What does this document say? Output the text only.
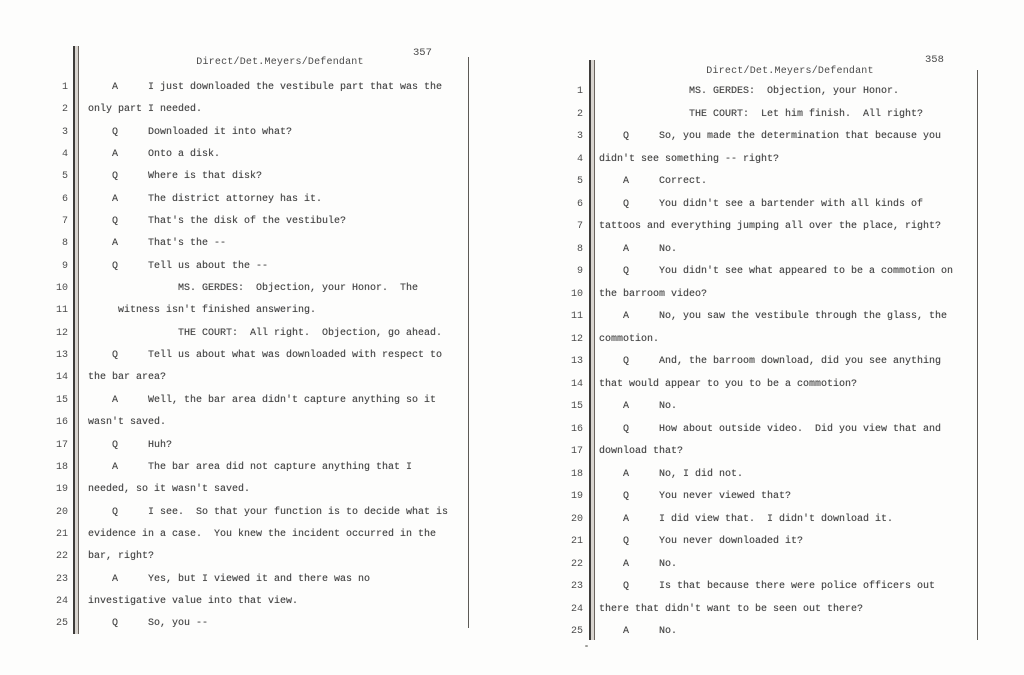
357
Direct/Det.Meyers/Defendant
1 A     I just downloaded the vestibule part that was the
2 only part I needed.
3 Q     Downloaded it into what?
4 A     Onto a disk.
5 Q     Where is that disk?
6 A     The district attorney has it.
7 Q     That's the disk of the vestibule?
8 A     That's the --
9 Q     Tell us about the --
10 MS. GERDES:  Objection, your Honor.  The
11 witness isn't finished answering.
12 THE COURT:  All right.  Objection, go ahead.
13 Q     Tell us about what was downloaded with respect to
14 the bar area?
15 A     Well, the bar area didn't capture anything so it
16 wasn't saved.
17 Q     Huh?
18 A     The bar area did not capture anything that I
19 needed, so it wasn't saved.
20 Q     I see.  So that your function is to decide what is
21 evidence in a case.  You knew the incident occurred in the
22 bar, right?
23 A     Yes, but I viewed it and there was no
24 investigative value into that view.
25 Q     So, you --
358
Direct/Det.Meyers/Defendant
1 MS. GERDES:  Objection, your Honor.
2 THE COURT:  Let him finish.  All right?
3 Q     So, you made the determination that because you
4 didn't see something -- right?
5 A     Correct.
6 Q     You didn't see a bartender with all kinds of
7 tattoos and everything jumping all over the place, right?
8 A     No.
9 Q     You didn't see what appeared to be a commotion on
10 the barroom video?
11 A     No, you saw the vestibule through the glass, the
12 commotion.
13 Q     And, the barroom download, did you see anything
14 that would appear to you to be a commotion?
15 A     No.
16 Q     How about outside video.  Did you view that and
17 download that?
18 A     No, I did not.
19 Q     You never viewed that?
20 A     I did view that.  I didn't download it.
21 Q     You never downloaded it?
22 A     No.
23 Q     Is that because there were police officers out
24 there that didn't want to be seen out there?
25 A     No.
